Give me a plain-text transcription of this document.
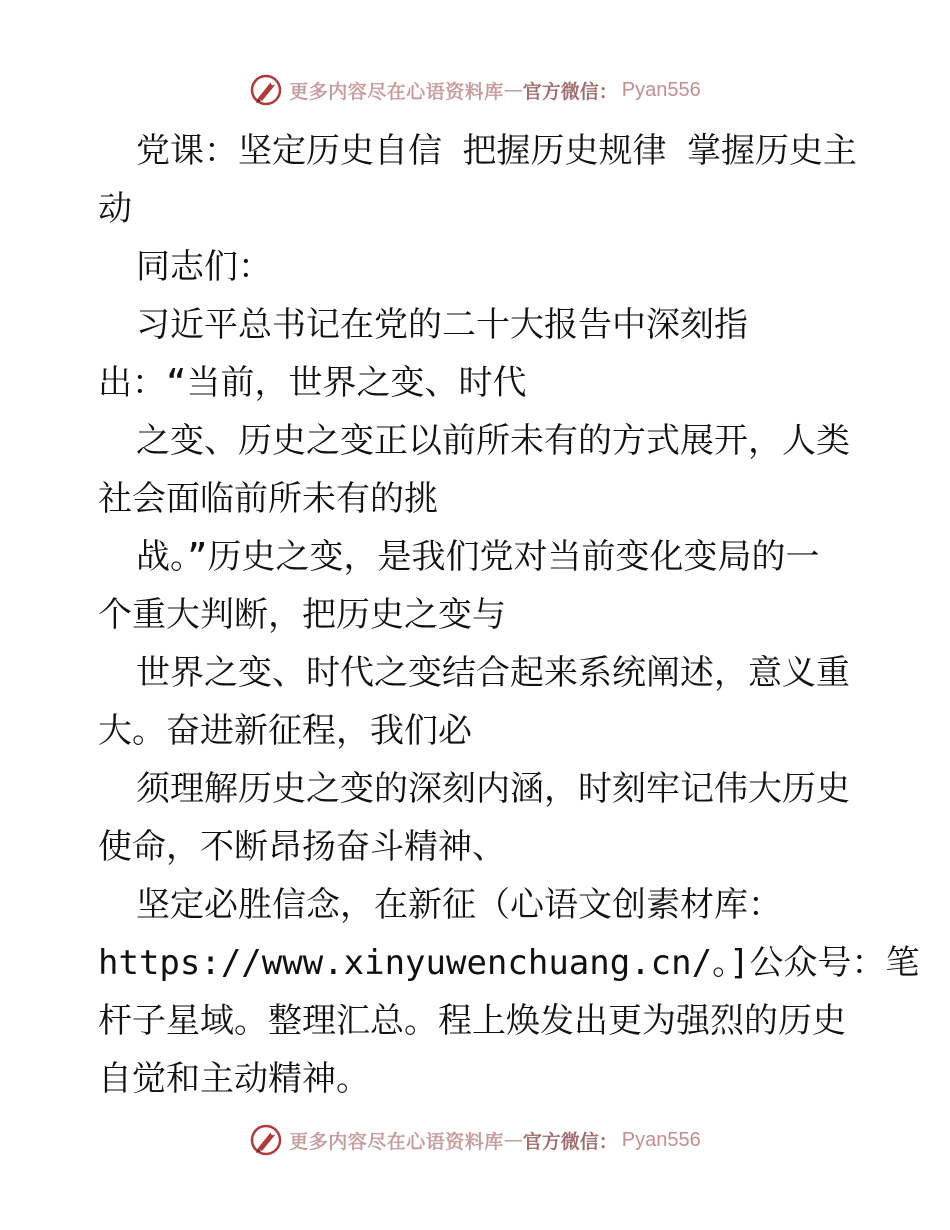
更多内容尽在心语资料库 — 官方微信： Pyan556
党课：坚定历史自信 把握历史规律 掌握历史主
动
同志们：
习近平总书记在党的二十大报告中深刻指
出：“当前，世界之变、时代
之变、历史之变正以前所未有的方式展开，人类
社会面临前所未有的挑
战。”历史之变，是我们党对当前变化变局的一
个重大判断，把历史之变与
世界之变、时代之变结合起来系统阐述，意义重
大。奋进新征程，我们必
须理解历史之变的深刻内涵，时刻牢记伟大历史
使命，不断昂扬奋斗精神、
坚定必胜信念，在新征（心语文创素材库：
https://www.xinyuwenchuang.cn/。]公众号：笔
杆子星域。整理汇总。程上焕发出更为强烈的历史
自觉和主动精神。
更多内容尽在心语资料库 — 官方微信： Pyan556
